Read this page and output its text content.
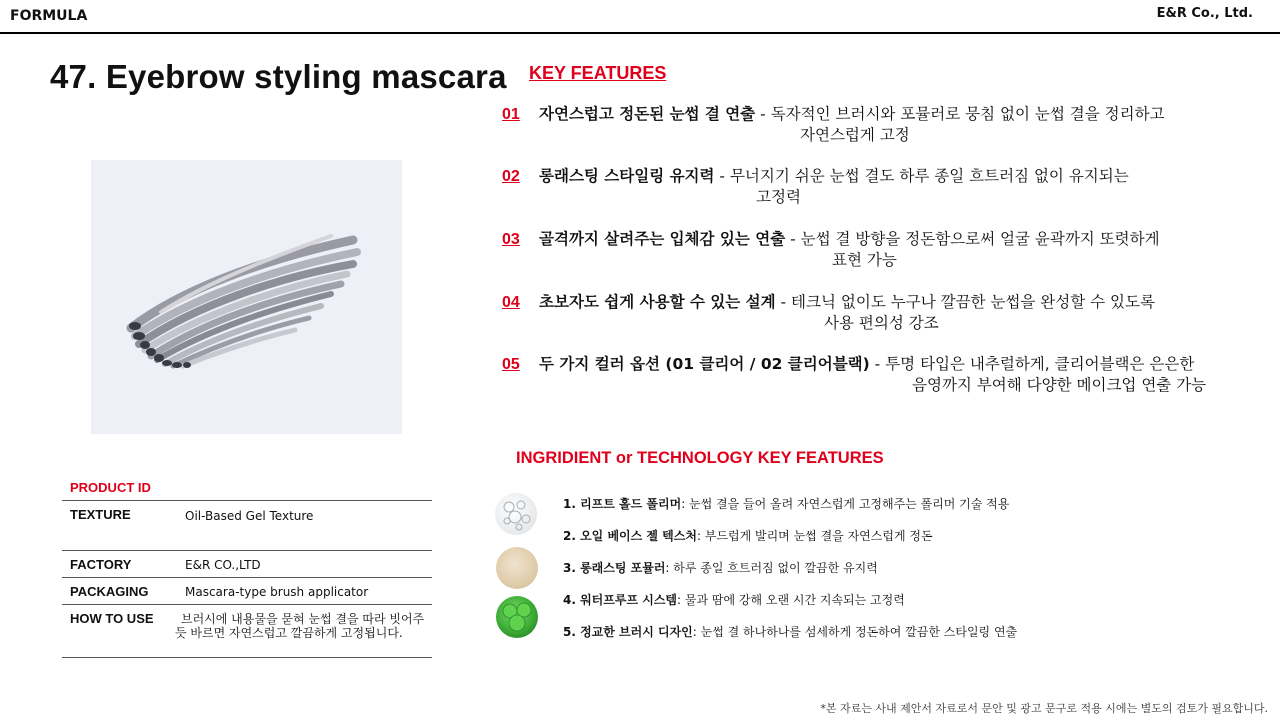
FORMULA	E&R Co., Ltd.
47. Eyebrow styling mascara KEY FEATURES
01 자연스럽고 정돈된 눈썹 결 연출 - 독자적인 브러시와 포뮬러로 뭉침 없이 눈썹 결을 정리하고
자연스럽게 고정
02 롱래스팅 스타일링 유지력 - 무너지기 쉬운 눈썹 결도 하루 종일 흐트러짐 없이 유지되는
고정력
03 골격까지 살려주는 입체감 있는 연출 - 눈썹 결 방향을 정돈함으로써 얼굴 윤곽까지 또렷하게
표현 가능
04 초보자도 쉽게 사용할 수 있는 설계 - 테크닉 없이도 누구나 깔끔한 눈썹을 완성할 수 있도록
사용 편의성 강조
05 두 가지 컬러 옵션 (01 클리어 / 02 클리어블랙) - 투명 타입은 내추럴하게, 클리어블랙은 은은한
음영까지 부여해 다양한 메이크업 연출 가능
INGRIDIENT or TECHNOLOGY KEY FEATURES
1. 리프트 홀드 폴리머: 눈썹 결을 들어 올려 자연스럽게 고정해주는 폴리머 기술 적용
2. 오일 베이스 젤 텍스처: 부드럽게 발리며 눈썹 결을 자연스럽게 정돈
3. 롱래스팅 포뮬러: 하루 종일 흐트러짐 없이 깔끔한 유지력
4. 워터프루프 시스템: 물과 땀에 강해 오랜 시간 지속되는 고정력
5. 정교한 브러시 디자인: 눈썹 결 하나하나를 섬세하게 정돈하여 깔끔한 스타일링 연출
PRODUCT ID
TEXTURE	Oil-Based Gel Texture
FACTORY	E&R CO.,LTD
PACKAGING	Mascara-type brush applicator
HOW TO USE	브러시에 내용물을 묻혀 눈썹 결을 따라 빗어주
듯 바르면 자연스럽고 깔끔하게 고정됩니다.
*본 자료는 사내 제안서 자료로서 문안 및 광고 문구로 적용 시에는 별도의 검토가 필요합니다.
